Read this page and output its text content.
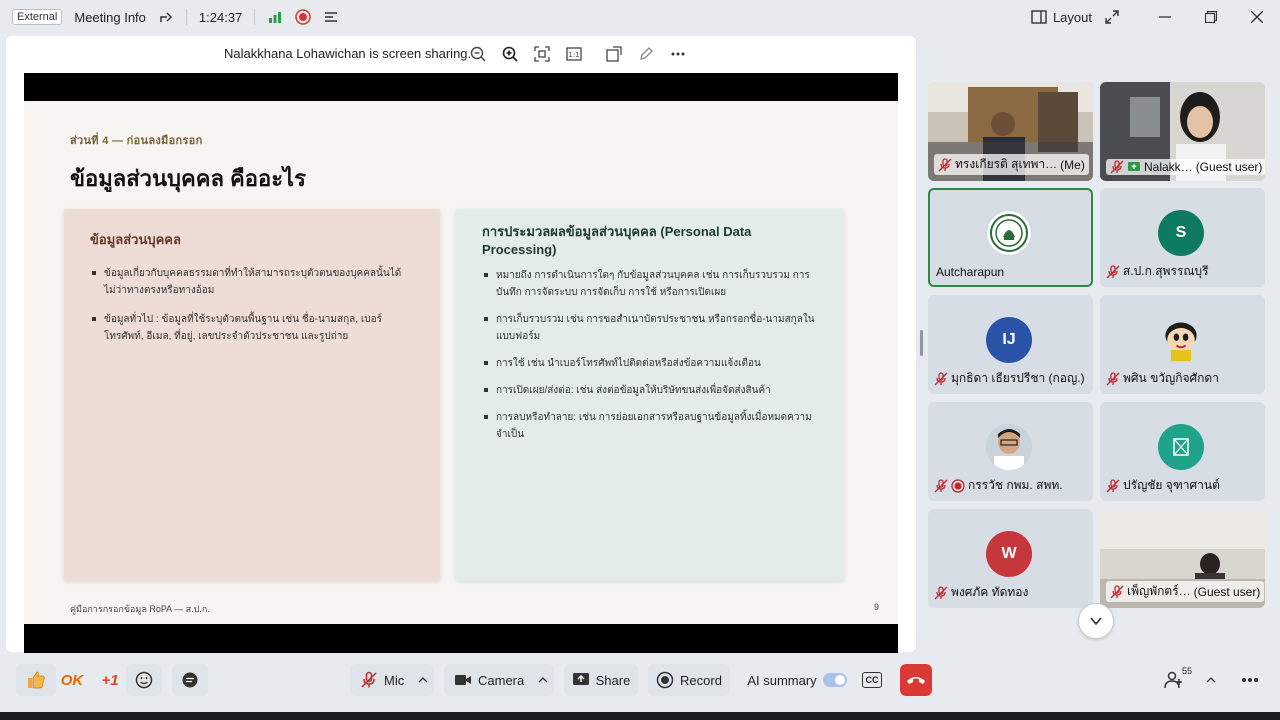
External	Meeting Info	1:24:37	Layout
Nalakkhana Lohawichan is screen sharing.	1:1
ส่วนที่ 4 — ก่อนลงมือกรอก
ข้อมูลส่วนบุคคล คืออะไร
ข้อมูลส่วนบุคคล
ข้อมูลเกี่ยวกับบุคคลธรรมดาที่ทำให้สามารถระบุตัวตนของบุคคลนั้นได้ ไม่ว่าทางตรงหรือทางอ้อม
ข้อมูลทั่วไป : ข้อมูลที่ใช้ระบุตัวตนพื้นฐาน เช่น ชื่อ-นามสกุล, เบอร์โทรศัพท์, อีเมล, ที่อยู่, เลขประจำตัวประชาชน และรูปถ่าย
การประมวลผลข้อมูลส่วนบุคคล (Personal Data Processing)
หมายถึง การดำเนินการใดๆ กับข้อมูลส่วนบุคคล เช่น การเก็บรวบรวม การบันทึก การจัดระบบ การจัดเก็บ การใช้ หรือการเปิดเผย
การเก็บรวบรวม เช่น การขอสำเนาบัตรประชาชน หรือกรอกชื่อ-นามสกุลในแบบฟอร์ม
การใช้ เช่น นำเบอร์โทรศัพท์ไปติดต่อหรือส่งข้อความแจ้งเตือน
การเปิดเผย/ส่งต่อ: เช่น ส่งต่อข้อมูลให้บริษัทขนส่งเพื่อจัดส่งสินค้า
การลบหรือทำลาย: เช่น การย่อยเอกสารหรือลบฐานข้อมูลทิ้งเมื่อหมดความจำเป็น
คู่มือการกรอกข้อมูล RoPA — ส.ป.ก.	9
ทรงเกียรติ สุเทพา… (Me)	Nalakk… (Guest user)
Autcharapun
S
ส.ป.ก.สุพรรณบุรี
IJ
มุกธิดา เธียรปรีชา (กอญ.)	พศิน ขวัญกิจศักดา
กรรวัช กพม. สพท.	ปรัญชัย จุฑาศานต์
W
พงศภัค ทัดทอง	เพ็ญพักตร์… (Guest user)
OK	+1	Mic	Camera	Share	Record AI summary	CC
55
